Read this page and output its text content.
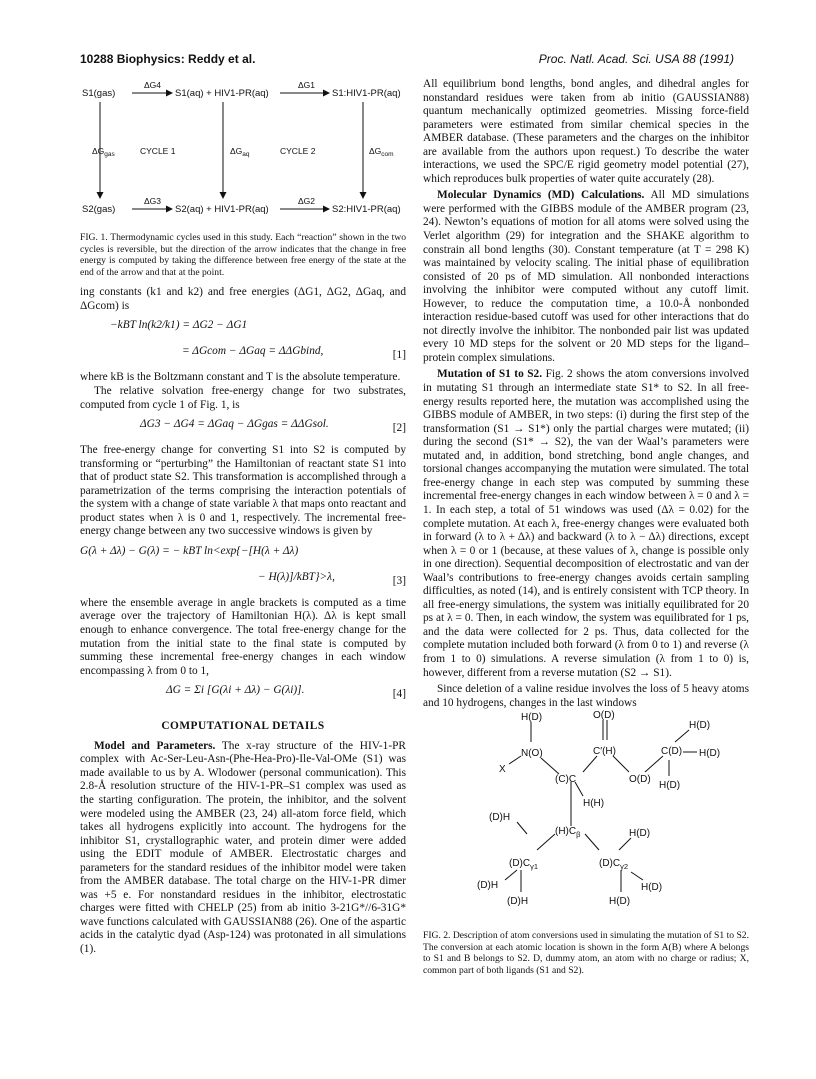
10288 Biophysics: Reddy et al.	Proc. Natl. Acad. Sci. USA 88 (1991)
S1(gas)
ΔG4
S1(aq) + HIV1-PR(aq)
ΔG1
S1:HIV1-PR(aq)
$\Delta G_{gas}$	CYCLE 1	$\Delta G_{aq}$	CYCLE 2	$\Delta G_{com}$
S2(gas)
ΔG3
S2(aq) + HIV1-PR(aq)
ΔG2
S2:HIV1-PR(aq)

FIG. 1. Thermodynamic cycles used in this study. Each “reaction” shown in the two cycles is reversible, but the direction of the arrow indicates that the change in free energy is computed by taking the difference between free energy of the state at the end of the arrow and that at the point.

ing constants (k1 and k2) and free energies (ΔG1, ΔG2, ΔGaq, and ΔGcom) is

−kBT ln(k2/k1) = ΔG2 − ΔG1
= ΔGcom − ΔGaq = ΔΔGbind,	[1]

where kB is the Boltzmann constant and T is the absolute temperature.

The relative solvation free-energy change for two substrates, computed from cycle 1 of Fig. 1, is

ΔG3 − ΔG4 = ΔGaq − ΔGgas = ΔΔGsol.	[2]

The free-energy change for converting S1 into S2 is computed by transforming or “perturbing” the Hamiltonian of reactant state S1 into that of product state S2. This transformation is accomplished through a parametrization of the terms comprising the interaction potentials of the system with a change of state variable λ that maps onto reactant and product states when λ is 0 and 1, respectively. The incremental free-energy change between any two successive windows is given by

G(λ + Δλ) − G(λ) = − kBT ln<exp{−[H(λ + Δλ)
− H(λ)]/kBT}>λ,	[3]

where the ensemble average in angle brackets is computed as a time average over the trajectory of Hamiltonian H(λ). Δλ is kept small enough to enhance convergence. The total free-energy change for the mutation from the initial state to the final state is computed by summing these incremental free-energy changes in each window encompassing λ from 0 to 1,

ΔG = Σi [G(λi + Δλ) − G(λi)].	[4]
COMPUTATIONAL DETAILS

Model and Parameters. The x-ray structure of the HIV-1-PR complex with Ac-Ser-Leu-Asn-(Phe-Hea-Pro)-Ile-Val-OMe (S1) was made available to us by A. Wlodower (personal communication). This 2.8-Å resolution structure of the HIV-1-PR–S1 complex was used as the starting configuration. The protein, the inhibitor, and the solvent were modeled using the AMBER (23, 24) all-atom force field, which takes all hydrogens explicitly into account. The hydrogens for the inhibitor S1, crystallographic water, and protein dimer were added using the EDIT module of AMBER. Electrostatic charges and parameters for the standard residues of the inhibitor model were taken from the AMBER database. The total charge on the HIV-1-PR dimer was +5 e. For nonstandard residues in the inhibitor, electrostatic charges were fitted with CHELP (25) from ab initio 3-21G*//6-31G* wave functions calculated with GAUSSIAN88 (26). One of the aspartic acids in the catalytic dyad (Asp-124) was protonated in all simulations (1).

All equilibrium bond lengths, bond angles, and dihedral angles for nonstandard residues were taken from ab initio (GAUSSIAN88) quantum mechanically optimized geometries. Missing force-field parameters were estimated from similar chemical species in the AMBER database. (These parameters and the charges on the inhibitor are available from the authors upon request.) To describe the water interactions, we used the SPC/E rigid geometry model potential (27), which reproduces bulk properties of water quite accurately (28).

Molecular Dynamics (MD) Calculations. All MD simulations were performed with the GIBBS module of the AMBER program (23, 24). Newton’s equations of motion for all atoms were solved using the Verlet algorithm (29) for integration and the SHAKE algorithm to constrain all bond lengths (30). Constant temperature (at T = 298 K) was maintained by velocity scaling. The initial phase of equilibration consisted of 20 ps of MD simulation. All nonbonded interactions involving the inhibitor were computed without any cutoff limit. However, to reduce the computation time, a 10.0-Å nonbonded interaction residue-based cutoff was used for other interactions that do not directly involve the inhibitor. The nonbonded pair list was updated every 10 MD steps for the solvent or 20 MD steps for the ligand–protein complex simulations.

Mutation of S1 to S2. Fig. 2 shows the atom conversions involved in mutating S1 through an intermediate state S1* to S2. In all free-energy results reported here, the mutation was accomplished using the GIBBS module of AMBER, in two steps: (i) during the first step of the transformation (S1 → S1*) only the partial charges were mutated; (ii) during the second (S1* → S2), the van der Waal’s parameters were mutated and, in addition, bond stretching, bond angle changes, and torsional changes accompanying the mutation were simulated. The total free-energy change in each step was computed by summing these incremental free-energy changes in each window between λ = 0 and λ = 1. In each step, a total of 51 windows was used (Δλ = 0.02) for the complete mutation. At each λ, free-energy changes were evaluated both in forward (λ to λ + Δλ) and backward (λ to λ − Δλ) directions, except when λ = 0 or 1 (because, at these values of λ, change is possible only in one direction). Sequential decomposition of electrostatic and van der Waal’s contributions to free-energy changes avoids certain sampling difficulties, as noted (14), and is entirely consistent with TCP theory. In all free-energy simulations, the system was initially equilibrated for 20 ps at λ = 0. Then, in each window, the system was equilibrated for 1 ps, and the data were collected for 2 ps. Thus, data collected for the complete mutation included both forward (λ from 0 to 1) and reverse (λ from 1 to 0) simulations. A reverse simulation (λ from 1 to 0) is, however, different from a reverse mutation (S2 → S1).

Since deletion of a valine residue involves the loss of 5 heavy atoms and 10 hydrogens, changes in the last windows

H(D)	O(D)
X
N(O)	C′(H)
(C)C	O(D)
C(D)
H(D)
H(D)
H(D)
H(H)
(D)H
$(H)C_\beta$	H(D)
$(D)C_{\gamma 1}$	$(D)C_{\gamma 2}$
(D)H	H(D)
(D)H	H(D)

FIG. 2. Description of atom conversions used in simulating the mutation of S1 to S2. The conversion at each atomic location is shown in the form A(B) where A belongs to S1 and B belongs to S2. D, dummy atom, an atom with no charge or radius; X, common part of both ligands (S1 and S2).
